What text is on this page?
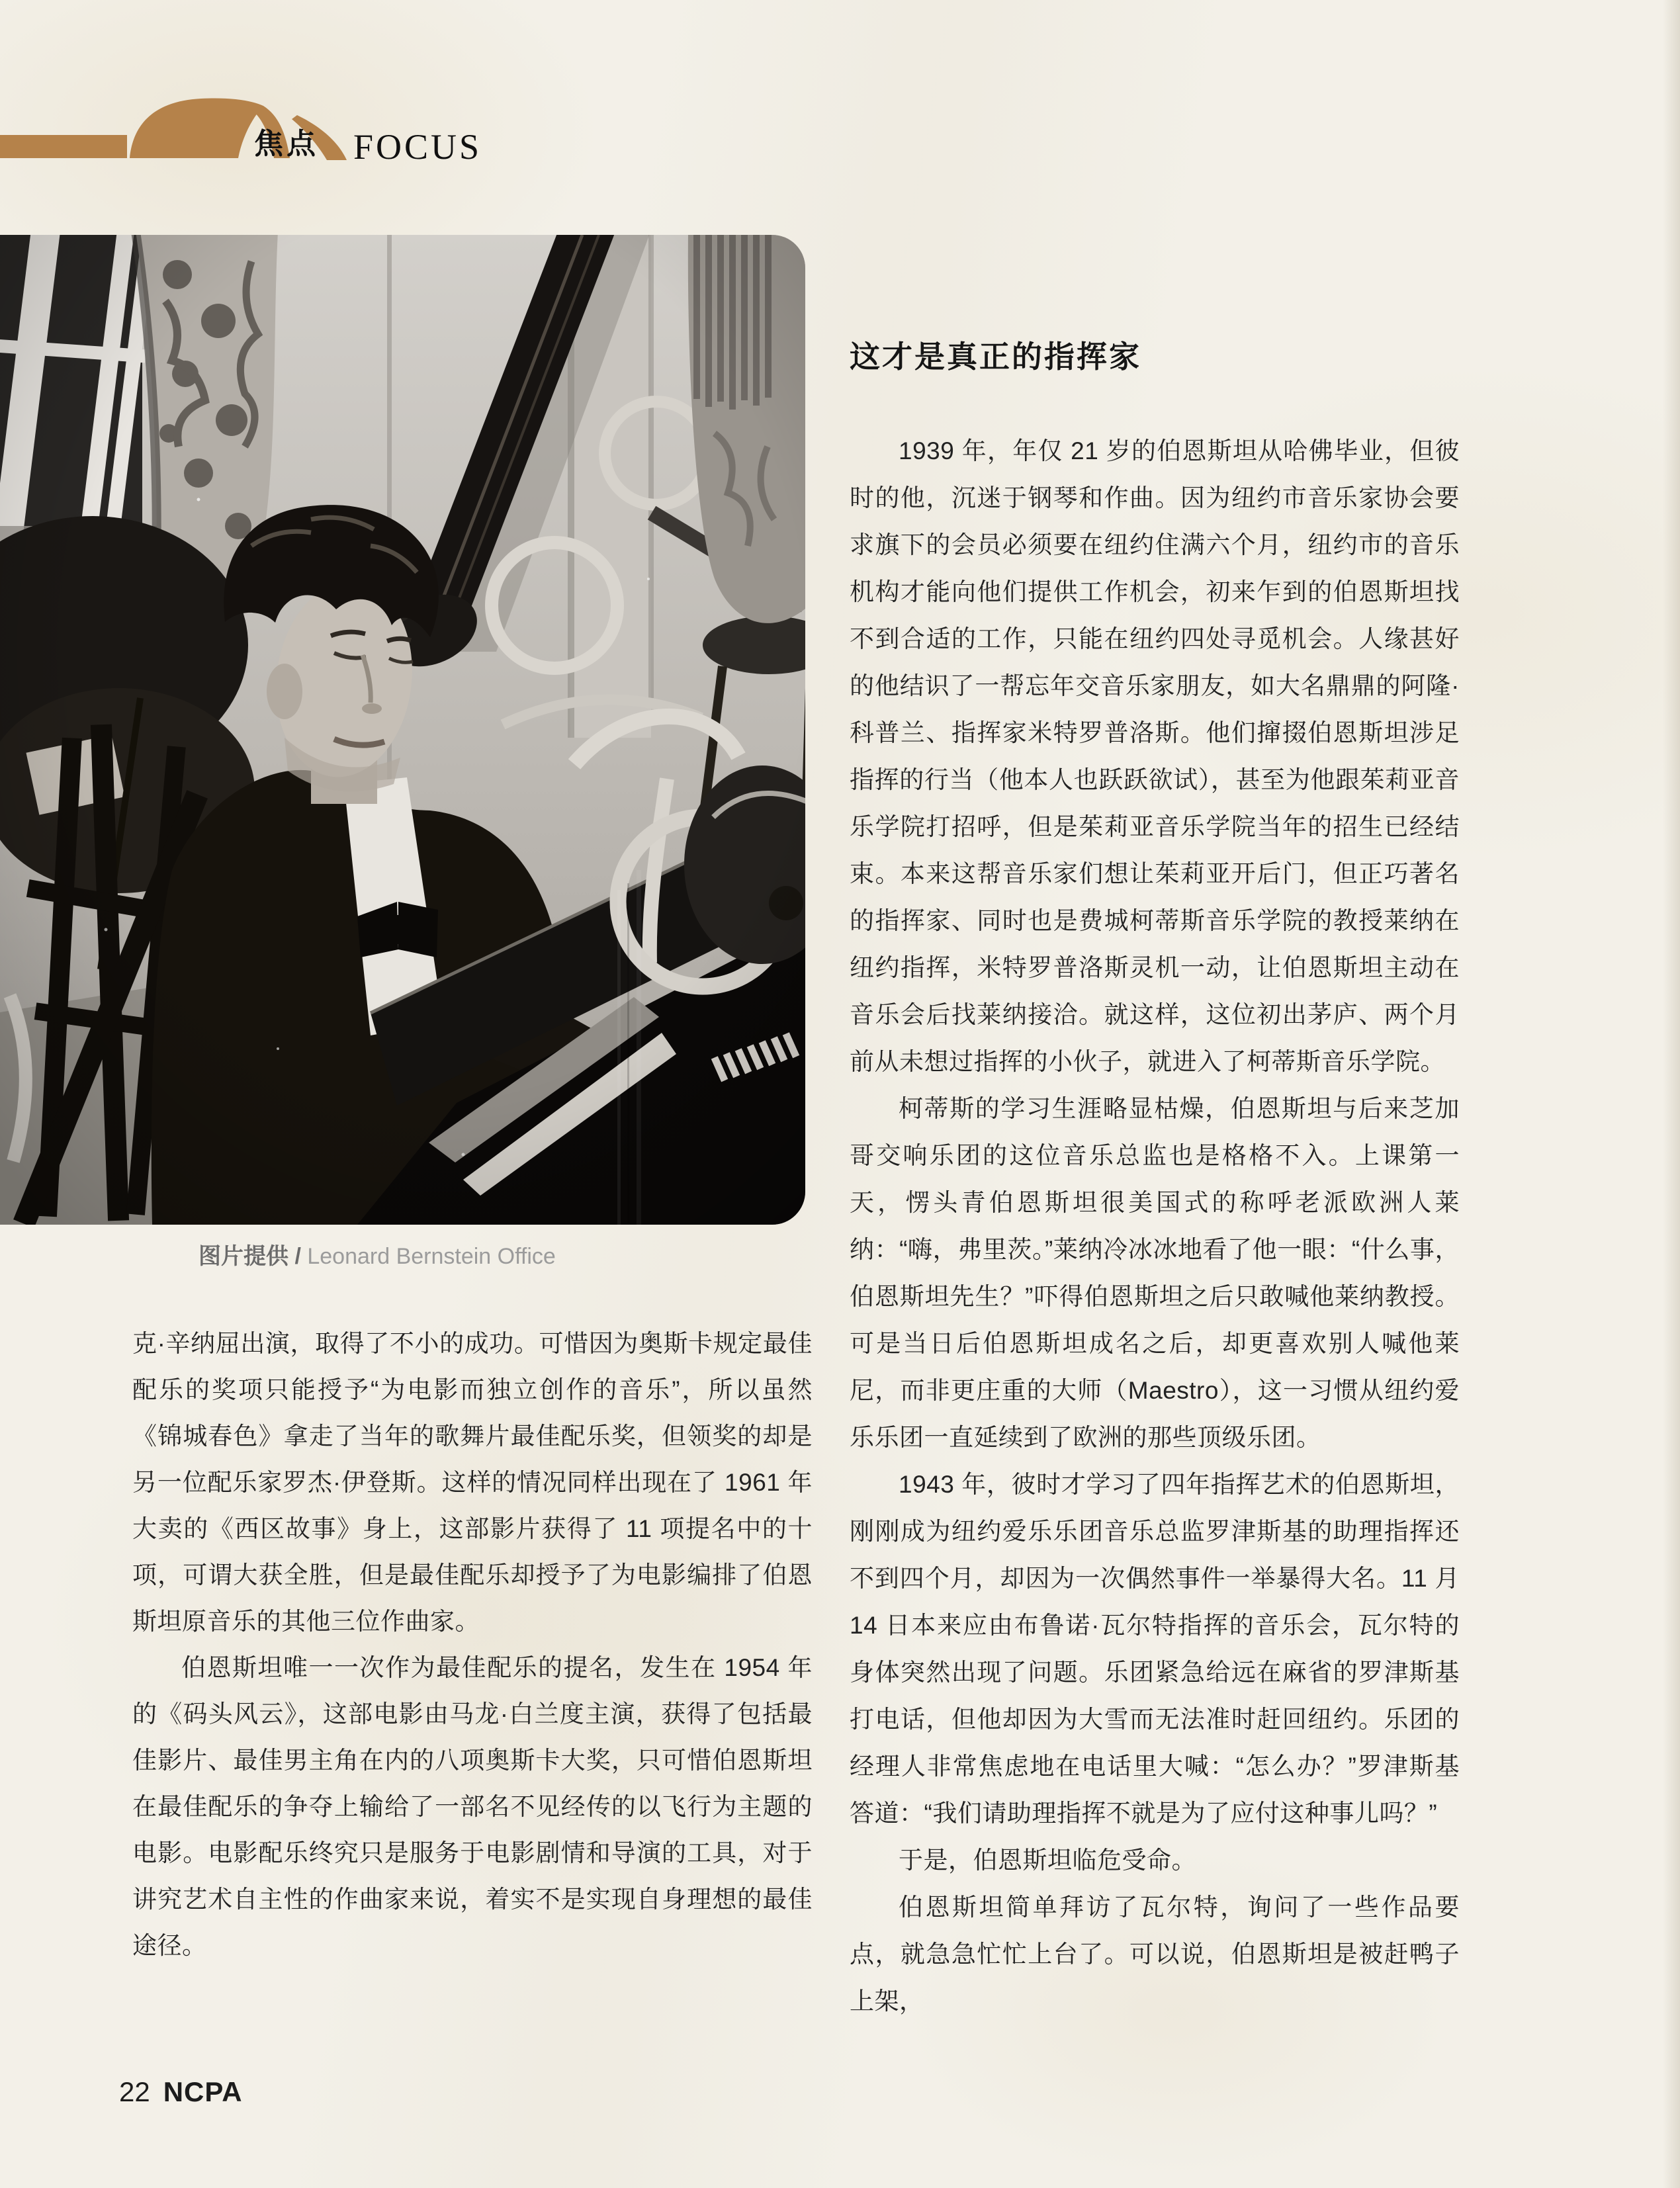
焦点 FOCUS
图片提供 / Leonard Bernstein Office

克·辛纳屈出演，取得了不小的成功。可惜因为奥斯卡规定最佳配乐的奖项只能授予“为电影而独立创作的音乐”，所以虽然《锦城春色》拿走了当年的歌舞片最佳配乐奖，但领奖的却是另一位配乐家罗杰·伊登斯。这样的情况同样出现在了 1961 年大卖的《西区故事》身上，这部影片获得了 11 项提名中的十项，可谓大获全胜，但是最佳配乐却授予了为电影编排了伯恩斯坦原音乐的其他三位作曲家。

伯恩斯坦唯一一次作为最佳配乐的提名，发生在 1954 年的《码头风云》，这部电影由马龙·白兰度主演，获得了包括最佳影片、最佳男主角在内的八项奥斯卡大奖，只可惜伯恩斯坦在最佳配乐的争夺上输给了一部名不见经传的以飞行为主题的电影。电影配乐终究只是服务于电影剧情和导演的工具，对于讲究艺术自主性的作曲家来说，着实不是实现自身理想的最佳途径。

这才是真正的指挥家

1939 年，年仅 21 岁的伯恩斯坦从哈佛毕业，但彼时的他，沉迷于钢琴和作曲。因为纽约市音乐家协会要求旗下的会员必须要在纽约住满六个月，纽约市的音乐机构才能向他们提供工作机会，初来乍到的伯恩斯坦找不到合适的工作，只能在纽约四处寻觅机会。人缘甚好的他结识了一帮忘年交音乐家朋友，如大名鼎鼎的阿隆·科普兰、指挥家米特罗普洛斯。他们撺掇伯恩斯坦涉足指挥的行当（他本人也跃跃欲试），甚至为他跟茱莉亚音乐学院打招呼，但是茱莉亚音乐学院当年的招生已经结束。本来这帮音乐家们想让茱莉亚开后门，但正巧著名的指挥家、同时也是费城柯蒂斯音乐学院的教授莱纳在纽约指挥，米特罗普洛斯灵机一动，让伯恩斯坦主动在音乐会后找莱纳接洽。就这样，这位初出茅庐、两个月前从未想过指挥的小伙子，就进入了柯蒂斯音乐学院。

柯蒂斯的学习生涯略显枯燥，伯恩斯坦与后来芝加哥交响乐团的这位音乐总监也是格格不入。上课第一天，愣头青伯恩斯坦很美国式的称呼老派欧洲人莱纳：“嗨，弗里茨。”莱纳冷冰冰地看了他一眼：“什么事，伯恩斯坦先生？”吓得伯恩斯坦之后只敢喊他莱纳教授。可是当日后伯恩斯坦成名之后，却更喜欢别人喊他莱尼，而非更庄重的大师（Maestro），这一习惯从纽约爱乐乐团一直延续到了欧洲的那些顶级乐团。

1943 年，彼时才学习了四年指挥艺术的伯恩斯坦，刚刚成为纽约爱乐乐团音乐总监罗津斯基的助理指挥还不到四个月，却因为一次偶然事件一举暴得大名。11 月 14 日本来应由布鲁诺·瓦尔特指挥的音乐会，瓦尔特的身体突然出现了问题。乐团紧急给远在麻省的罗津斯基打电话，但他却因为大雪而无法准时赶回纽约。乐团的经理人非常焦虑地在电话里大喊：“怎么办？”罗津斯基答道：“我们请助理指挥不就是为了应付这种事儿吗？”

于是，伯恩斯坦临危受命。

伯恩斯坦简单拜访了瓦尔特，询问了一些作品要点，就急急忙忙上台了。可以说，伯恩斯坦是被赶鸭子上架，

22 NCPA
